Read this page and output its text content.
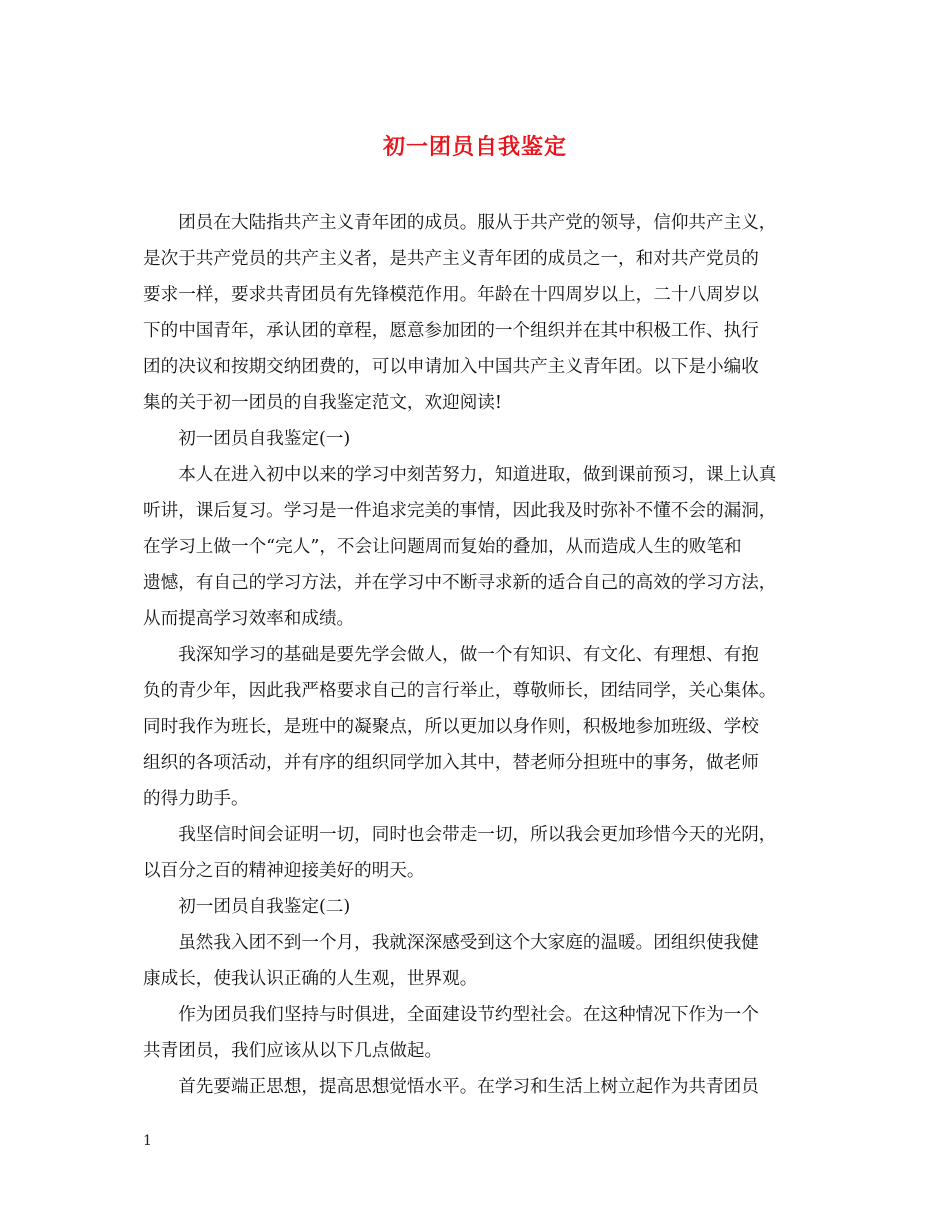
初一团员自我鉴定

团员在大陆指共产主义青年团的成员。服从于共产党的领导，信仰共产主义，
是次于共产党员的共产主义者，是共产主义青年团的成员之一，和对共产党员的
要求一样，要求共青团员有先锋模范作用。年龄在十四周岁以上，二十八周岁以
下的中国青年，承认团的章程，愿意参加团的一个组织并在其中积极工作、执行
团的决议和按期交纳团费的，可以申请加入中国共产主义青年团。以下是小编收
集的关于初一团员的自我鉴定范文，欢迎阅读!

初一团员自我鉴定(一)

本人在进入初中以来的学习中刻苦努力，知道进取，做到课前预习，课上认真
听讲，课后复习。学习是一件追求完美的事情，因此我及时弥补不懂不会的漏洞，
在学习上做一个“完人”，不会让问题周而复始的叠加，从而造成人生的败笔和
遗憾，有自己的学习方法，并在学习中不断寻求新的适合自己的高效的学习方法，
从而提高学习效率和成绩。

我深知学习的基础是要先学会做人，做一个有知识、有文化、有理想、有抱
负的青少年，因此我严格要求自己的言行举止，尊敬师长，团结同学，关心集体。
同时我作为班长，是班中的凝聚点，所以更加以身作则，积极地参加班级、学校
组织的各项活动，并有序的组织同学加入其中，替老师分担班中的事务，做老师
的得力助手。

我坚信时间会证明一切，同时也会带走一切，所以我会更加珍惜今天的光阴，
以百分之百的精神迎接美好的明天。

初一团员自我鉴定(二)

虽然我入团不到一个月，我就深深感受到这个大家庭的温暖。团组织使我健
康成长，使我认识正确的人生观，世界观。

作为团员我们坚持与时俱进，全面建设节约型社会。在这种情况下作为一个
共青团员，我们应该从以下几点做起。

首先要端正思想，提高思想觉悟水平。在学习和生活上树立起作为共青团员

1
